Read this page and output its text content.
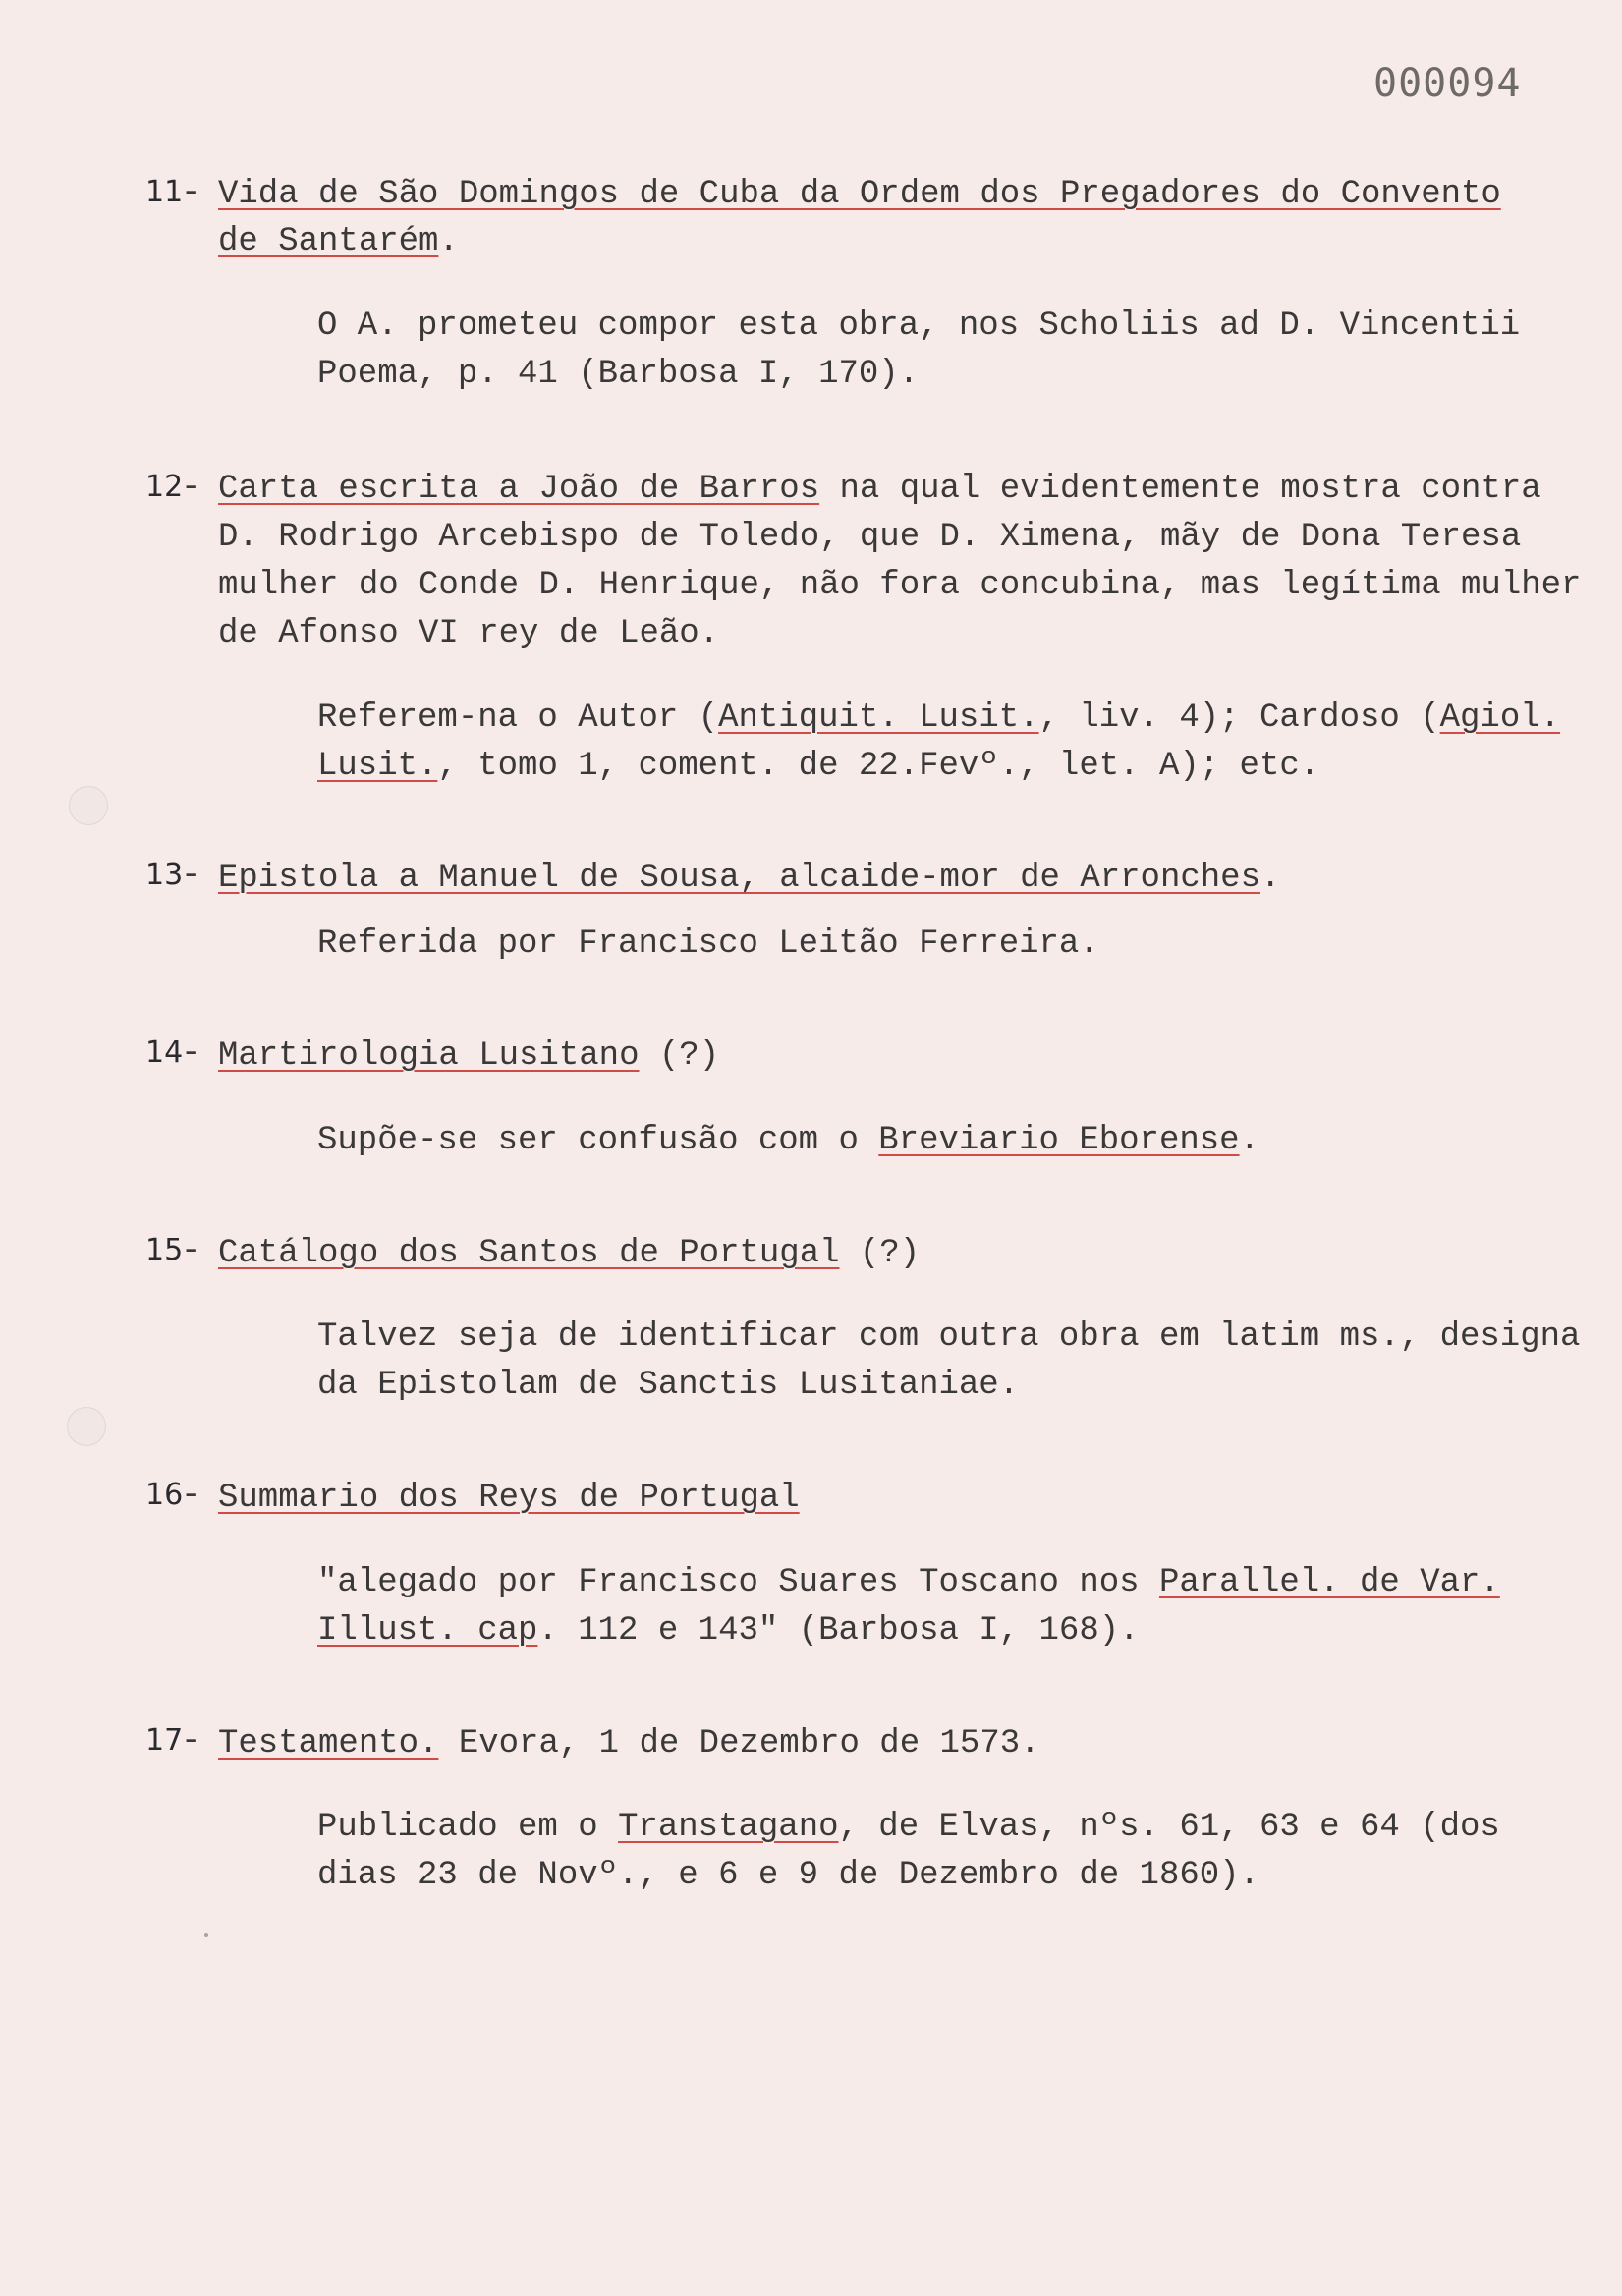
000094
11 -	Vida de São Domingos de Cuba da Ordem dos Pregadores do Convento
de Santarém.
O A. prometeu compor esta obra, nos Scholiis ad D. Vincentii
Poema, p. 41 (Barbosa I, 170).
12 -	Carta escrita a João de Barros na qual evidentemente mostra contra
D. Rodrigo Arcebispo de Toledo, que D. Ximena, mãy de Dona Teresa
mulher do Conde D. Henrique, não fora concubina, mas legítima mulher
de Afonso VI rey de Leão.
Referem-na o Autor (Antiquit. Lusit., liv. 4); Cardoso (Agiol.
Lusit., tomo 1, coment. de 22.Fevº., let. A); etc.
13 -	Epistola a Manuel de Sousa, alcaide-mor de Arronches.
Referida por Francisco Leitão Ferreira.
14 -	Martirologia Lusitano (?)
Supõe-se ser confusão com o Breviario Eborense.
15 -	Catálogo dos Santos de Portugal (?)
Talvez seja de identificar com outra obra em latim ms., designa
da Epistolam de Sanctis Lusitaniae.
16 -	Summario dos Reys de Portugal
"alegado por Francisco Suares Toscano nos Parallel. de Var.
Illust. cap. 112 e 143" (Barbosa I, 168).
17 -	Testamento. Evora, 1 de Dezembro de 1573.
Publicado em o Transtagano, de Elvas, nºs. 61, 63 e 64 (dos
dias 23 de Novº., e 6 e 9 de Dezembro de 1860).
